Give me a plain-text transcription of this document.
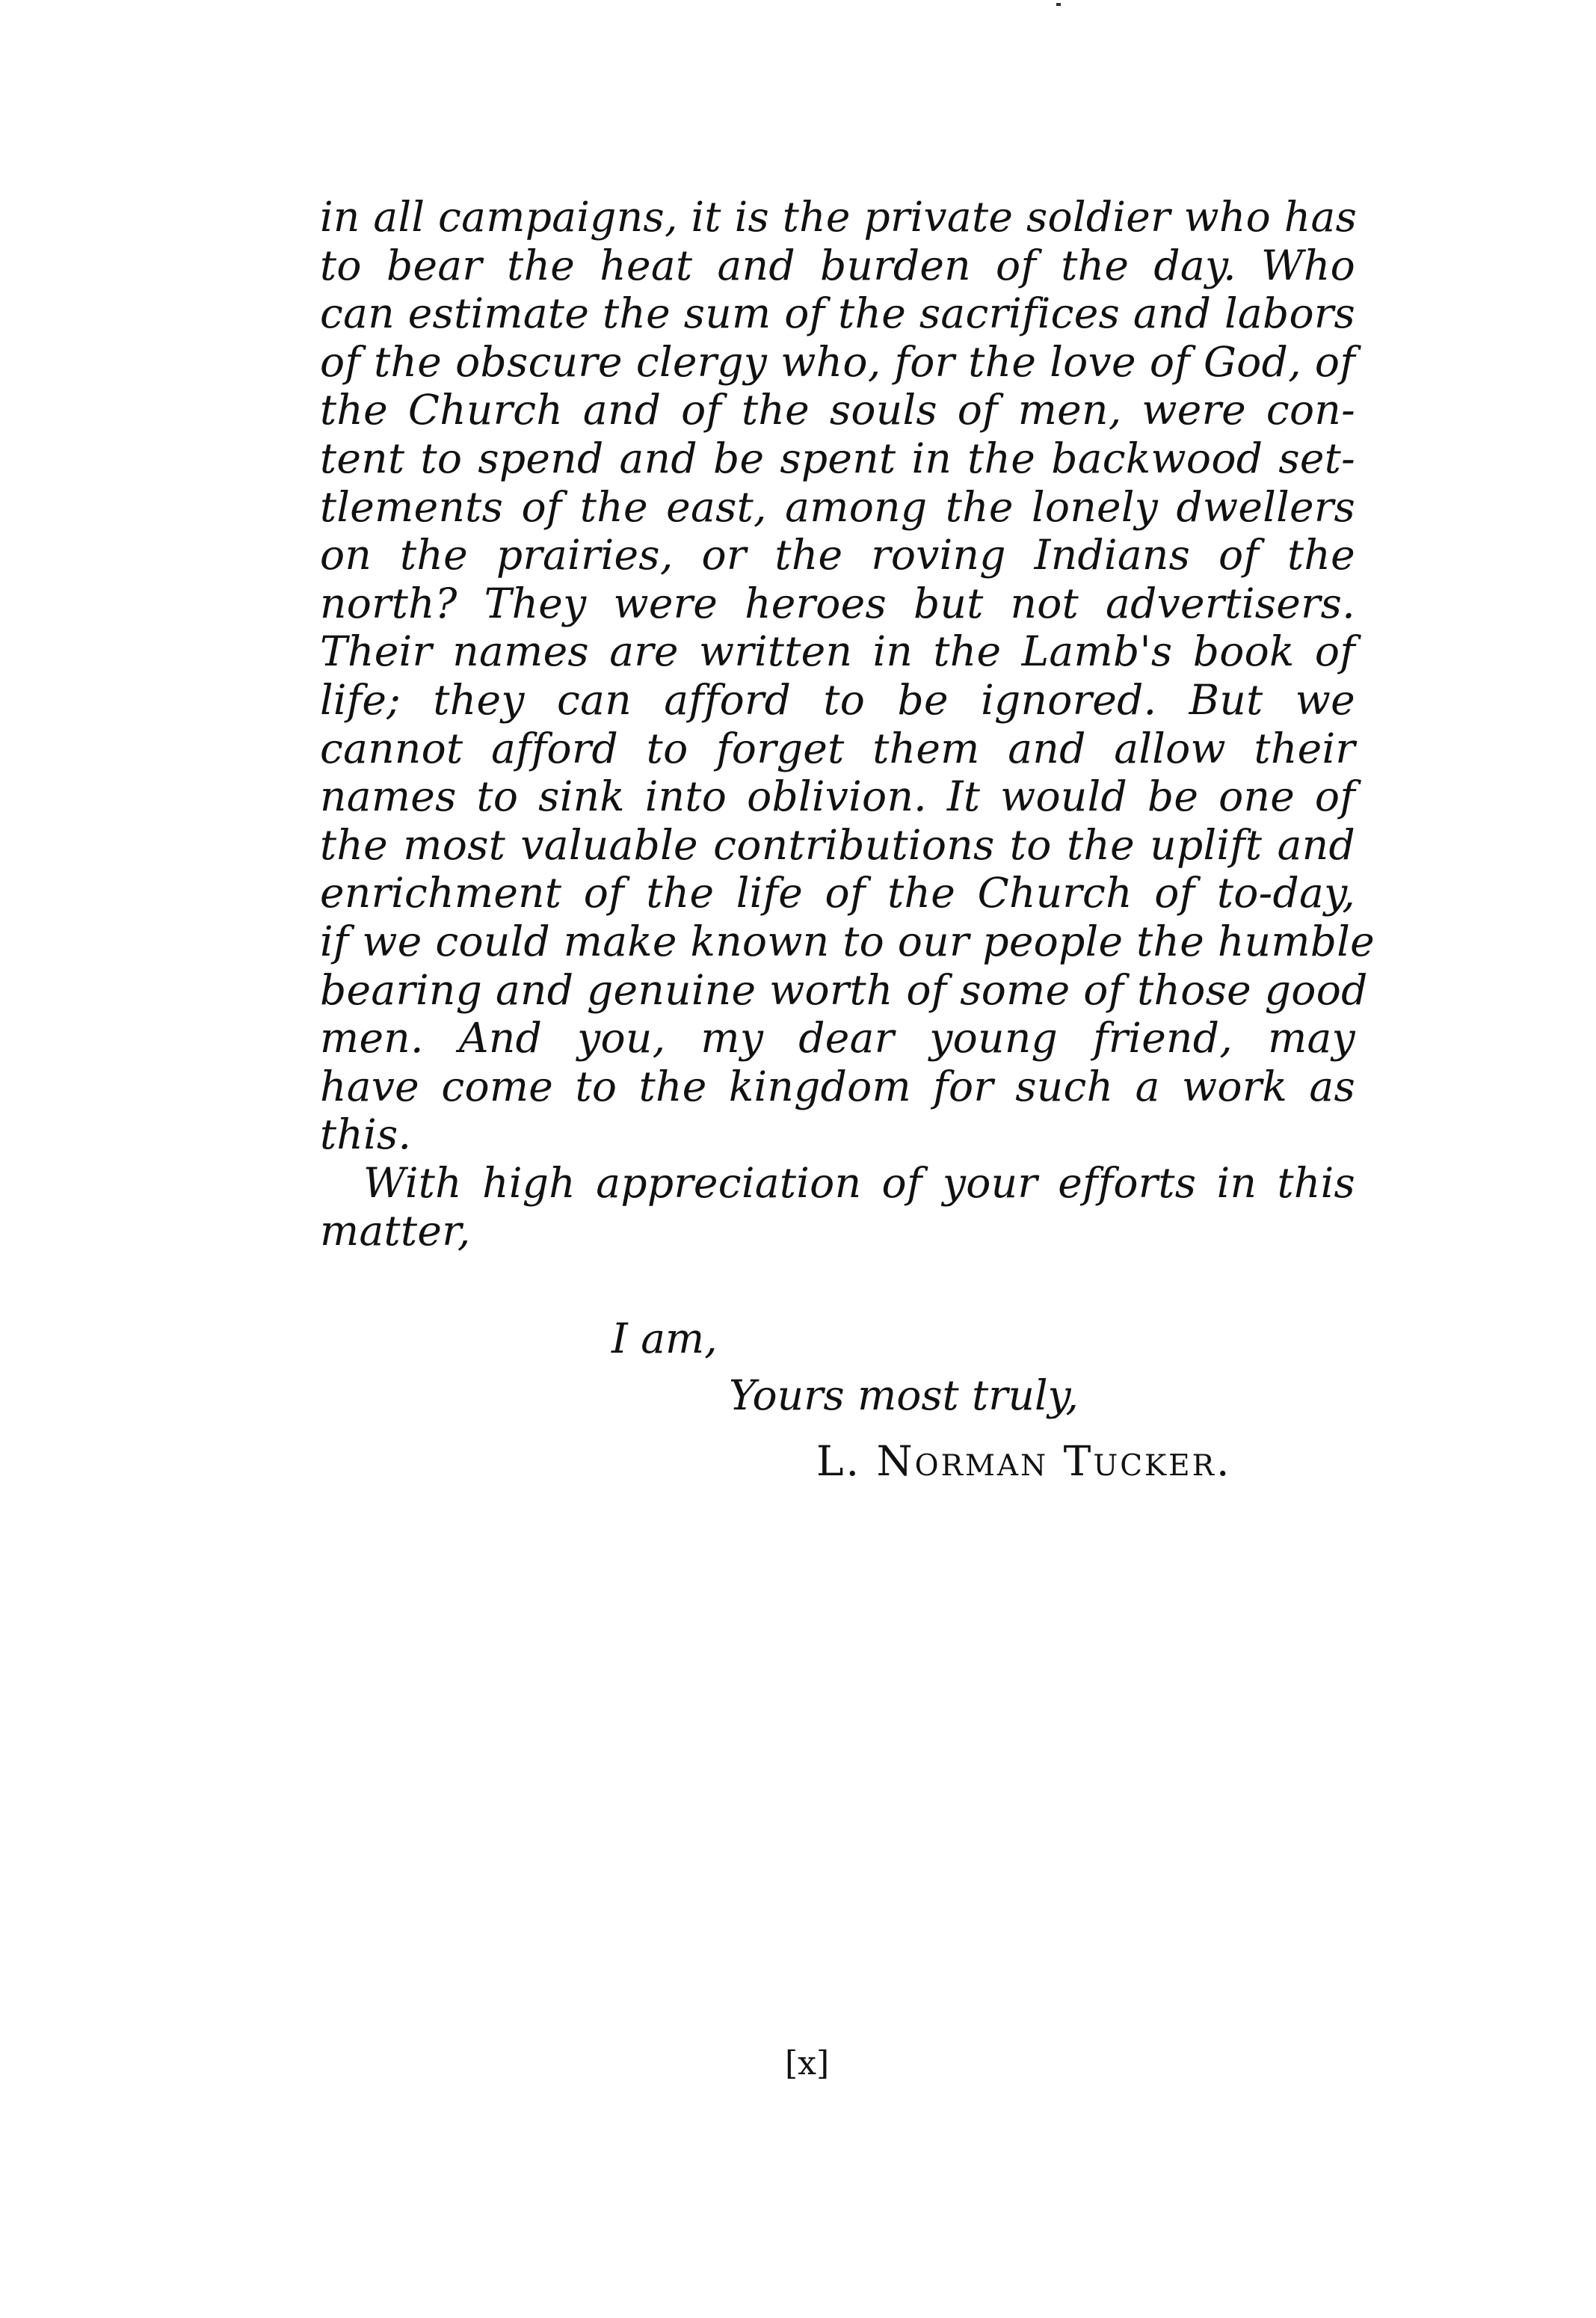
in all campaigns, it is the private soldier who has
to bear the heat and burden of the day. Who
can estimate the sum of the sacrifices and labors
of the obscure clergy who, for the love of God, of
the Church and of the souls of men, were con-
tent to spend and be spent in the backwood set-
tlements of the east, among the lonely dwellers
on the prairies, or the roving Indians of the
north? They were heroes but not advertisers.
Their names are written in the Lamb's book of
life; they can afford to be ignored. But we
cannot afford to forget them and allow their
names to sink into oblivion. It would be one of
the most valuable contributions to the uplift and
enrichment of the life of the Church of to-day,
if we could make known to our people the humble
bearing and genuine worth of some of those good
men. And you, my dear young friend, may
have come to the kingdom for such a work as
this.
With high appreciation of your efforts in this
matter,
I am,
Yours most truly,
L. Norman Tucker.
[x]
